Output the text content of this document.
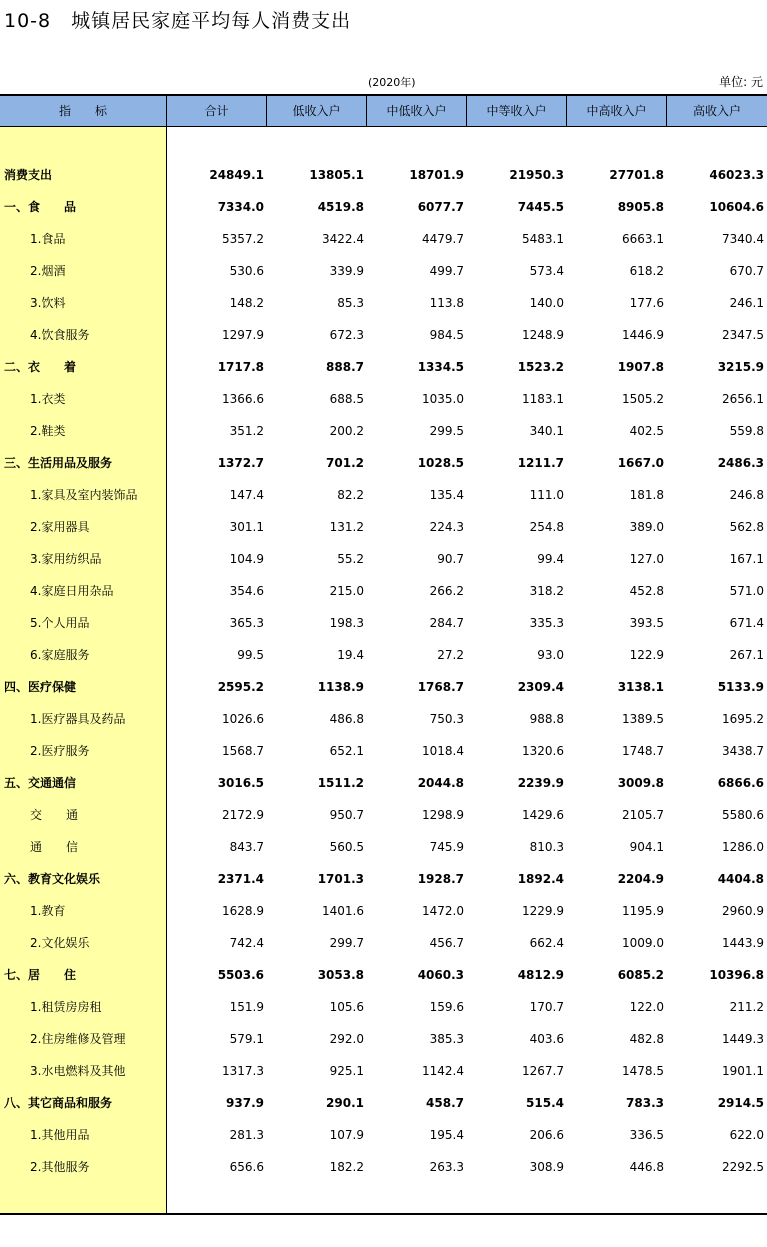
10-8　城镇居民家庭平均每人消费支出
(2020年)	单位: 元
指　　标	合计	低收入户	中低收入户	中等收入户	中高收入户	高收入户
消费支出	24849.1	13805.1	18701.9	21950.3	27701.8	46023.3
一、食　　品	7334.0	4519.8	6077.7	7445.5	8905.8	10604.6
1.食品	5357.2	3422.4	4479.7	5483.1	6663.1	7340.4
2.烟酒	530.6	339.9	499.7	573.4	618.2	670.7
3.饮料	148.2	85.3	113.8	140.0	177.6	246.1
4.饮食服务	1297.9	672.3	984.5	1248.9	1446.9	2347.5
二、衣　　着	1717.8	888.7	1334.5	1523.2	1907.8	3215.9
1.衣类	1366.6	688.5	1035.0	1183.1	1505.2	2656.1
2.鞋类	351.2	200.2	299.5	340.1	402.5	559.8
三、生活用品及服务	1372.7	701.2	1028.5	1211.7	1667.0	2486.3
1.家具及室内装饰品	147.4	82.2	135.4	111.0	181.8	246.8
2.家用器具	301.1	131.2	224.3	254.8	389.0	562.8
3.家用纺织品	104.9	55.2	90.7	99.4	127.0	167.1
4.家庭日用杂品	354.6	215.0	266.2	318.2	452.8	571.0
5.个人用品	365.3	198.3	284.7	335.3	393.5	671.4
6.家庭服务	99.5	19.4	27.2	93.0	122.9	267.1
四、医疗保健	2595.2	1138.9	1768.7	2309.4	3138.1	5133.9
1.医疗器具及药品	1026.6	486.8	750.3	988.8	1389.5	1695.2
2.医疗服务	1568.7	652.1	1018.4	1320.6	1748.7	3438.7
五、交通通信	3016.5	1511.2	2044.8	2239.9	3009.8	6866.6
交　　通	2172.9	950.7	1298.9	1429.6	2105.7	5580.6
通　　信	843.7	560.5	745.9	810.3	904.1	1286.0
六、教育文化娱乐	2371.4	1701.3	1928.7	1892.4	2204.9	4404.8
1.教育	1628.9	1401.6	1472.0	1229.9	1195.9	2960.9
2.文化娱乐	742.4	299.7	456.7	662.4	1009.0	1443.9
七、居　　住	5503.6	3053.8	4060.3	4812.9	6085.2	10396.8
1.租赁房房租	151.9	105.6	159.6	170.7	122.0	211.2
2.住房维修及管理	579.1	292.0	385.3	403.6	482.8	1449.3
3.水电燃料及其他	1317.3	925.1	1142.4	1267.7	1478.5	1901.1
八、其它商品和服务	937.9	290.1	458.7	515.4	783.3	2914.5
1.其他用品	281.3	107.9	195.4	206.6	336.5	622.0
2.其他服务	656.6	182.2	263.3	308.9	446.8	2292.5
